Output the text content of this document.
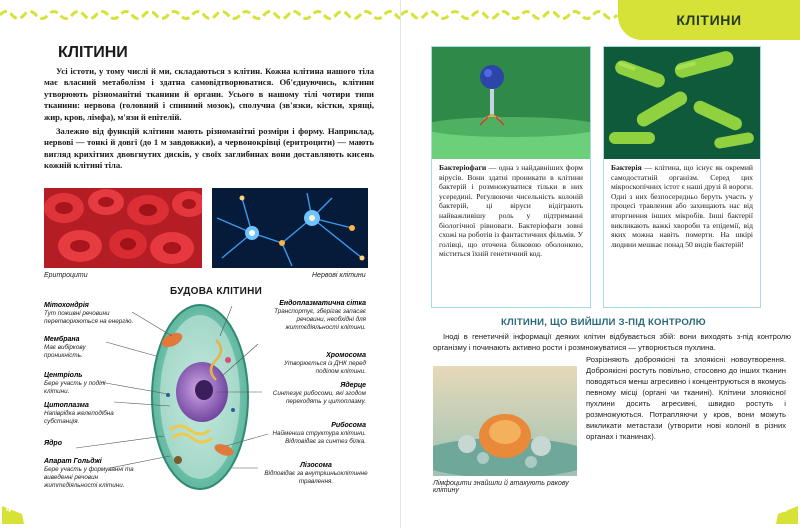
КЛІТИНИ

Усі істоти, у тому числі й ми, складаються з клітин. Кожна клітина нашого тіла має власний метаболізм і здатна самовідтворюватися. Об'єднуючись, клітини утворюють різноманітні тканини й органи. Усього в нашому тілі чотири типи тканини: нервова (головний і спинний мозок), сполучна (зв'язки, кістки, хрящі, жир, кров, лімфа), м'язи й епітелій.

Залежно від функцій клітини мають різноманітні розміри і форму. Наприклад, нервові — тонкі й довгі (до 1 м завдовжки), а червонокрівці (еритроцити) — мають вигляд крихітних двовгнутих дисків, у своїх заглибинах вони доставляють кисень кожній клітині тіла.

Еритроцити	Нервові клітини
БУДОВА КЛІТИНИ
Мітохондрія
Тут поживні речовини перетворюються на енергію.
Мембрана
Має вибіркову проникність.
Центріоль
Бере участь у поділі клітини.
Цитоплазма
Напіврідка желеподібна субстанція.
Ядро
Апарат Гольджі
Бере участь у формуванні та виведенні речовин життєдіяльності клітини.
Ендоплазматична сітка
Транспортує, зберігає запасає речовини, необхідні для життєдіяльності клітини.
Хромосома
Утворюється із ДНК перед поділом клітини.
Ядерце
Синтезує рибосоми, які згодом переходять у цитоплазму.
Рибосома
Найменша структура клітини. Відповідає за синтез білка.
Лізосома
Відповідає за внутрішньоклітинне травлення.
4
КЛІТИНИ
Бактеріофаги — одна з найдавніших форм вірусів. Вони здатні проникати в клітини бактерій і розмножуватися тільки в них усередині. Регулюючи чисельність колоній бактерій, ці віруси відіграють найважливішу роль у підтриманні біологічної рівноваги. Бактеріофаги зовні схожі на роботів із фантастичних фільмів. У голівці, що оточена білковою оболонкою, міститься їхній генетичний код.
Бактерія — клітина, що існує як окремий самодостатній організм. Серед цих мікроскопічних істот є наші друзі й вороги. Одні з них безпосередньо беруть участь у процесі травлення або захищають нас від вторгнення інших мікробів. Інші бактерії викликають важкі хвороби та епідемії, від яких можна навіть померти. На шкірі людини мешкає понад 50 видів бактерій!
КЛІТИНИ, ЩО ВИЙШЛИ З-ПІД КОНТРОЛЮ

Іноді в генетичній інформації деяких клітин відбувається збій: вони виходять з-під контролю організму і починають активно рости і розмножуватися — утворюється пухлина.

Лімфоцити знайшли й атакують ракову клітину
Розрізняють доброякісні та злоякісні новоутворення. Доброякісні ростуть повільно, стосовно до інших тканин поводяться менш агресивно і концентруються в якомусь певному місці (органі чи тканині). Клітини злоякісної пухлини досить агресивні, швидко ростуть і розмножуються. Потрапляючи у кров, вони можуть викликати метастази (утворити нові колонії в різних органах і тканинах).
5
